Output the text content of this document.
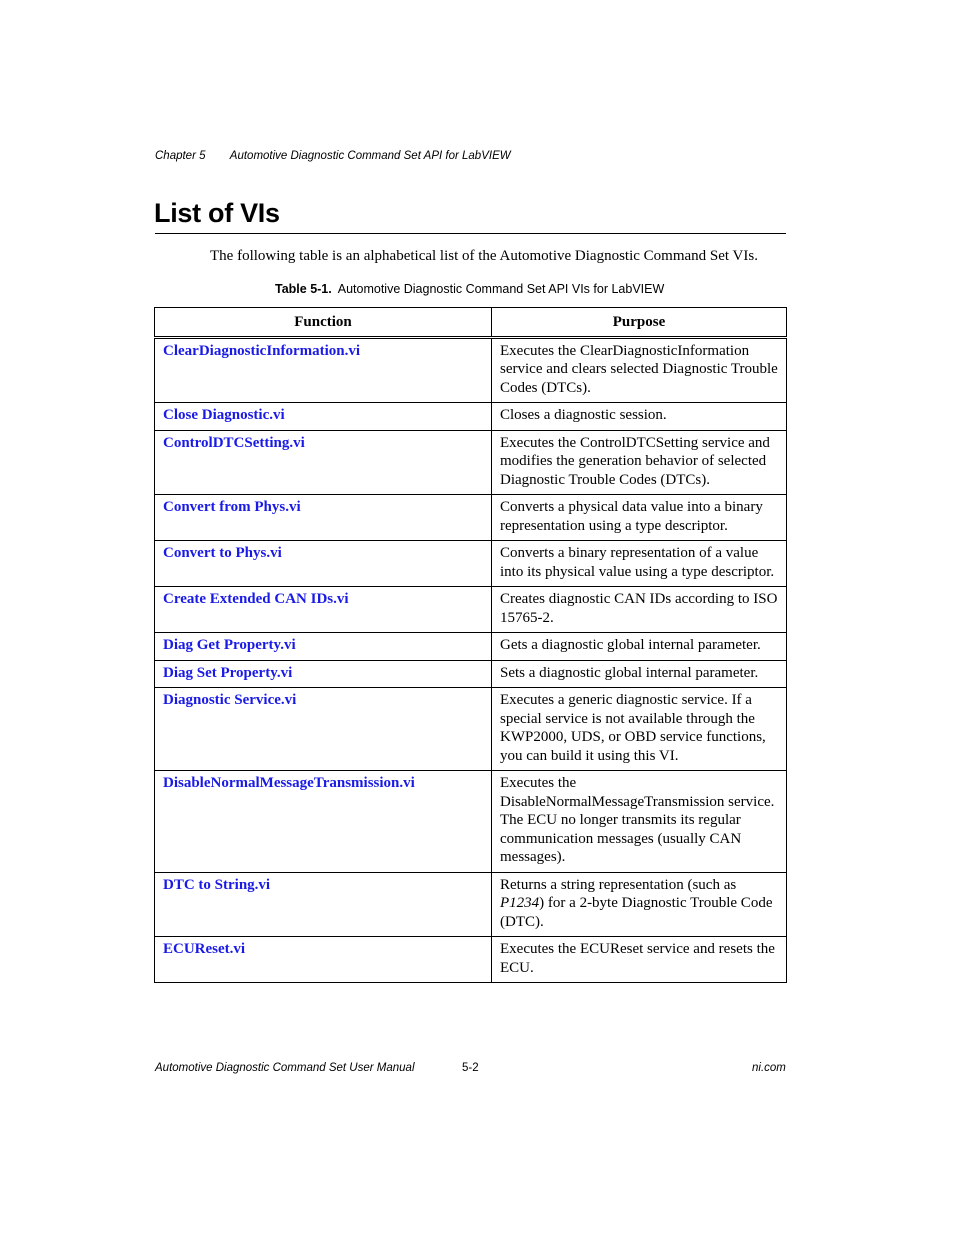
Chapter 5 Automotive Diagnostic Command Set API for LabVIEW
List of VIs

The following table is an alphabetical list of the Automotive Diagnostic Command Set VIs.

Table 5-1. Automotive Diagnostic Command Set API VIs for LabVIEW
Function	Purpose
ClearDiagnosticInformation.vi	Executes the ClearDiagnosticInformation service and clears selected Diagnostic Trouble Codes (DTCs).
Close Diagnostic.vi	Closes a diagnostic session.
ControlDTCSetting.vi	Executes the ControlDTCSetting service and modifies the generation behavior of selected Diagnostic Trouble Codes (DTCs).
Convert from Phys.vi	Converts a physical data value into a binary representation using a type descriptor.
Convert to Phys.vi	Converts a binary representation of a value into its physical value using a type descriptor.
Create Extended CAN IDs.vi	Creates diagnostic CAN IDs according to ISO 15765-2.
Diag Get Property.vi	Gets a diagnostic global internal parameter.
Diag Set Property.vi	Sets a diagnostic global internal parameter.
Diagnostic Service.vi	Executes a generic diagnostic service. If a special service is not available through the KWP2000, UDS, or OBD service functions, you can build it using this VI.
DisableNormalMessageTransmission.vi	Executes the DisableNormalMessageTransmission service. The ECU no longer transmits its regular communication messages (usually CAN messages).
DTC to String.vi	Returns a string representation (such as P1234) for a 2-byte Diagnostic Trouble Code (DTC).
ECUReset.vi	Executes the ECUReset service and resets the ECU.
Automotive Diagnostic Command Set User Manual	5-2	ni.com
